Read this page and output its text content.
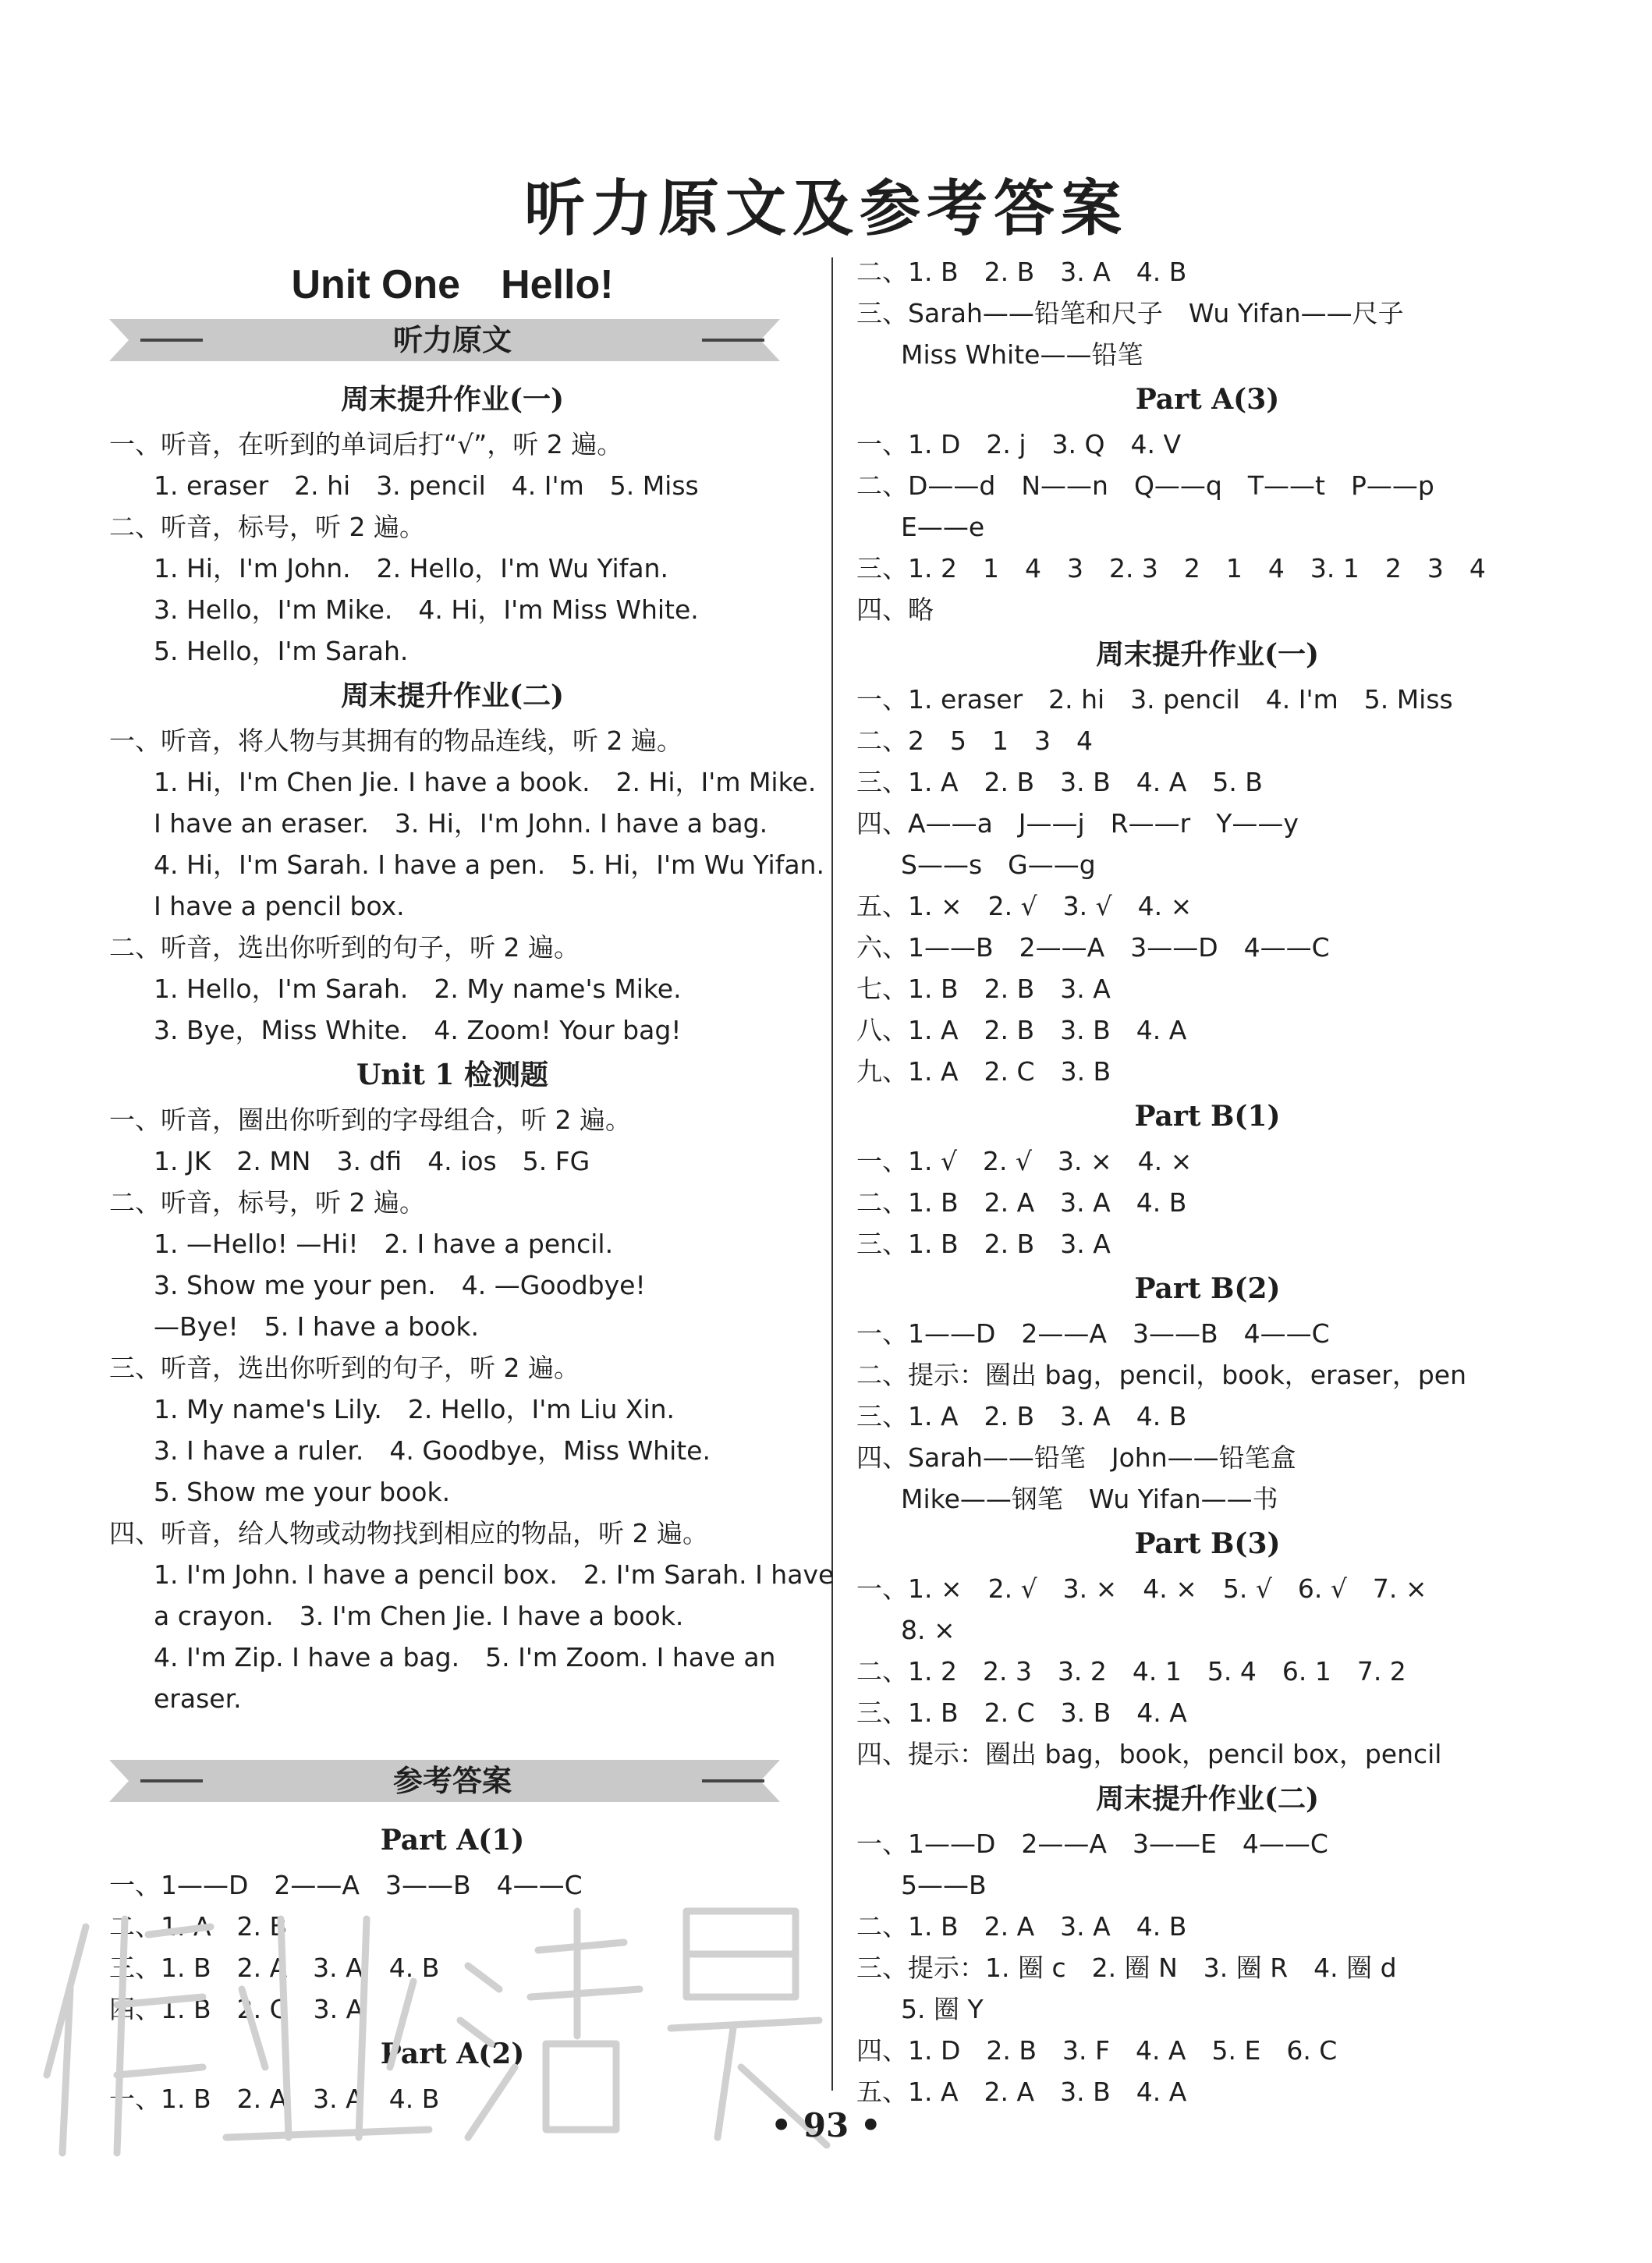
听力原文及参考答案
Unit One　Hello!
听力原文
周末提升作业(一)
一、听音，在听到的单词后打“√”，听 2 遍。
1. eraser　2. hi　3. pencil　4. I'm　5. Miss
二、听音，标号，听 2 遍。
1. Hi，I'm John.　2. Hello，I'm Wu Yifan.
3. Hello，I'm Mike.　4. Hi，I'm Miss White.
5. Hello，I'm Sarah.
周末提升作业(二)
一、听音，将人物与其拥有的物品连线，听 2 遍。
1. Hi，I'm Chen Jie. I have a book.　2. Hi，I'm Mike.
I have an eraser.　3. Hi，I'm John. I have a bag.
4. Hi，I'm Sarah. I have a pen.　5. Hi，I'm Wu Yifan.
I have a pencil box.
二、听音，选出你听到的句子，听 2 遍。
1. Hello，I'm Sarah.　2. My name's Mike.
3. Bye，Miss White.　4. Zoom! Your bag!
Unit 1 检测题
一、听音，圈出你听到的字母组合，听 2 遍。
1. JK　2. MN　3. dfi　4. ios　5. FG
二、听音，标号，听 2 遍。
1. —Hello! —Hi!　2. I have a pencil.
3. Show me your pen.　4. —Goodbye!
—Bye!　5. I have a book.
三、听音，选出你听到的句子，听 2 遍。
1. My name's Lily.　2. Hello，I'm Liu Xin.
3. I have a ruler.　4. Goodbye，Miss White.
5. Show me your book.
四、听音，给人物或动物找到相应的物品，听 2 遍。
1. I'm John. I have a pencil box.　2. I'm Sarah. I have
a crayon.　3. I'm Chen Jie. I have a book.
4. I'm Zip. I have a bag.　5. I'm Zoom. I have an
eraser.
参考答案
Part A(1)
一、1——D　2——A　3——B　4——C
二、1. A　2. B
三、1. B　2. A　3. A　4. B
四、1. B　2. C　3. A
Part A(2)
一、1. B　2. A　3. A　4. B
二、1. B　2. B　3. A　4. B
三、Sarah——铅笔和尺子　Wu Yifan——尺子
Miss White——铅笔
Part A(3)
一、1. D　2. j　3. Q　4. V
二、D——d　N——n　Q——q　T——t　P——p
E——e
三、1. 2　1　4　3　2. 3　2　1　4　3. 1　2　3　4
四、略
周末提升作业(一)
一、1. eraser　2. hi　3. pencil　4. I'm　5. Miss
二、2　5　1　3　4
三、1. A　2. B　3. B　4. A　5. B
四、A——a　J——j　R——r　Y——y
S——s　G——g
五、1. ×　2. √　3. √　4. ×
六、1——B　2——A　3——D　4——C
七、1. B　2. B　3. A
八、1. A　2. B　3. B　4. A
九、1. A　2. C　3. B
Part B(1)
一、1. √　2. √　3. ×　4. ×
二、1. B　2. A　3. A　4. B
三、1. B　2. B　3. A
Part B(2)
一、1——D　2——A　3——B　4——C
二、提示：圈出 bag，pencil，book，eraser，pen
三、1. A　2. B　3. A　4. B
四、Sarah——铅笔　John——铅笔盒
Mike——钢笔　Wu Yifan——书
Part B(3)
一、1. ×　2. √　3. ×　4. ×　5. √　6. √　7. ×
8. ×
二、1. 2　2. 3　3. 2　4. 1　5. 4　6. 1　7. 2
三、1. B　2. C　3. B　4. A
四、提示：圈出 bag，book，pencil box，pencil
周末提升作业(二)
一、1——D　2——A　3——E　4——C
5——B
二、1. B　2. A　3. A　4. B
三、提示：1. 圈 c　2. 圈 N　3. 圈 R　4. 圈 d
5. 圈 Y
四、1. D　2. B　3. F　4. A　5. E　6. C
五、1. A　2. A　3. B　4. A
• 93 •
